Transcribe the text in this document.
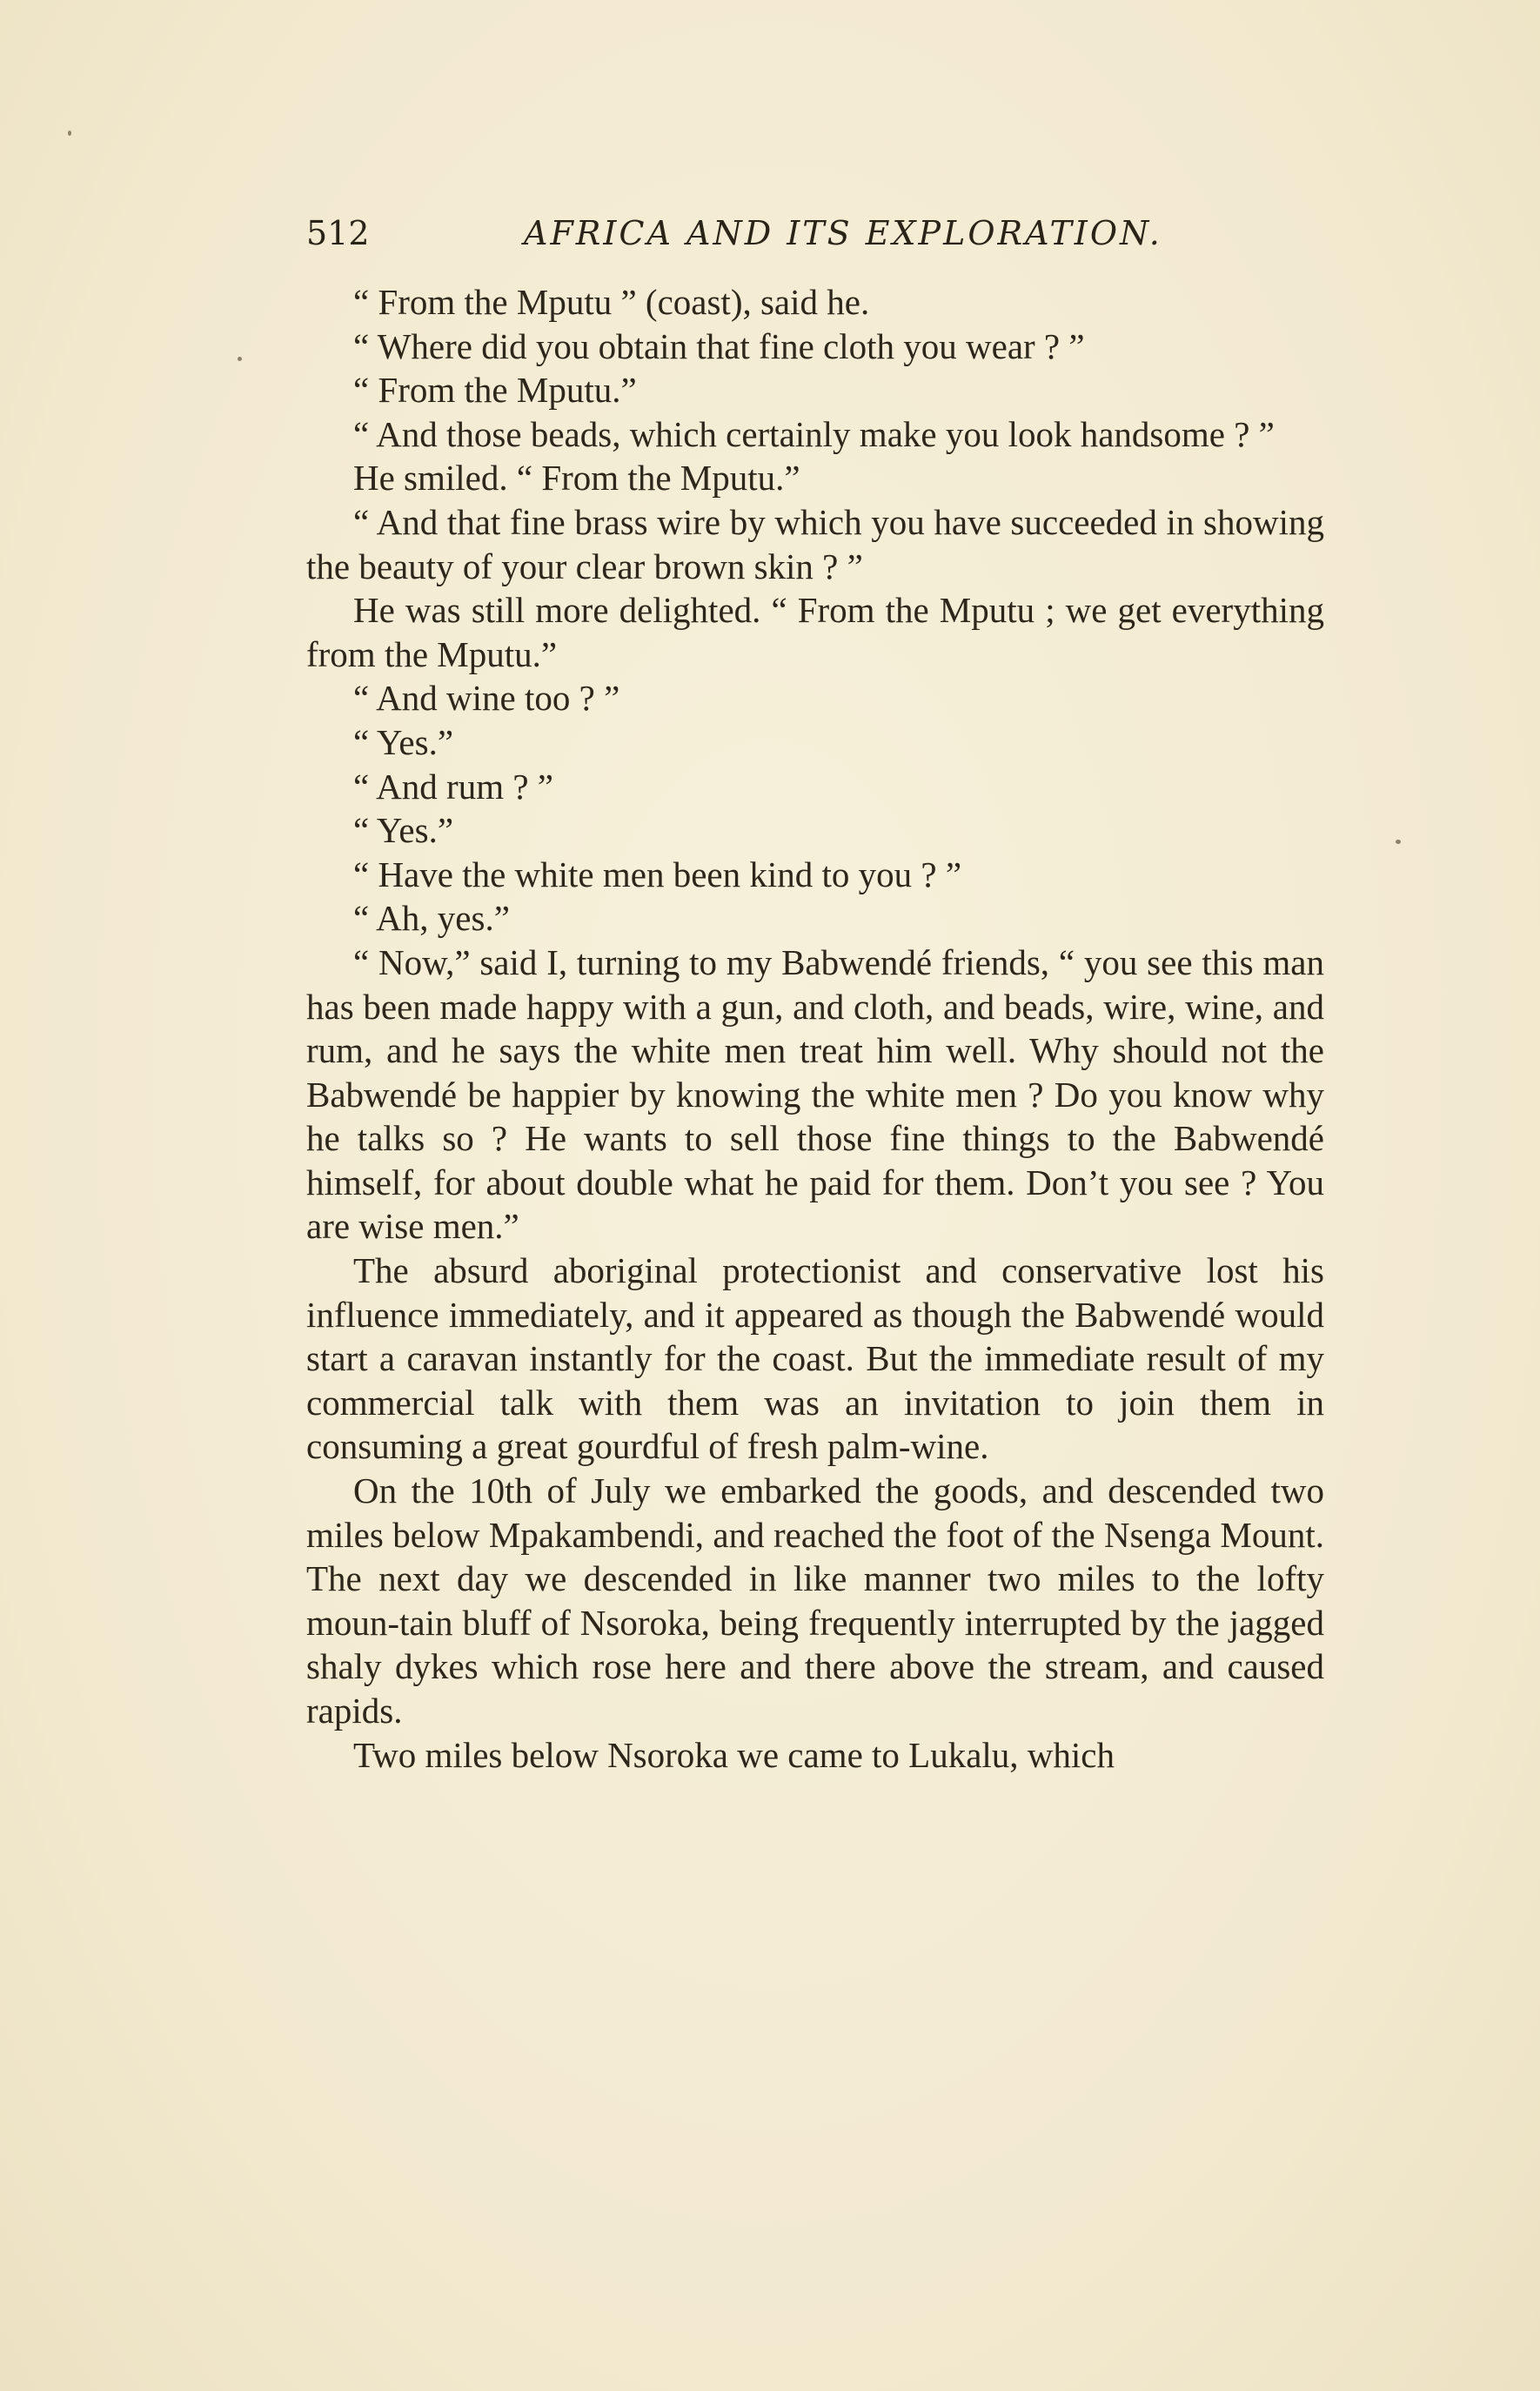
512	AFRICA AND ITS EXPLORATION.

“ From the Mputu ” (coast), said he.

“ Where did you obtain that fine cloth you wear ? ”

“ From the Mputu.”

“ And those beads, which certainly make you look handsome ? ”

He smiled. “ From the Mputu.”

“ And that fine brass wire by which you have succeeded in showing the beauty of your clear brown skin ? ”

He was still more delighted. “ From the Mputu ; we get everything from the Mputu.”

“ And wine too ? ”

“ Yes.”

“ And rum ? ”

“ Yes.”

“ Have the white men been kind to you ? ”

“ Ah, yes.”

“ Now,” said I, turning to my Babwendé friends, “ you see this man has been made happy with a gun, and cloth, and beads, wire, wine, and rum, and he says the white men treat him well. Why should not the Babwendé be happier by knowing the white men ? Do you know why he talks so ? He wants to sell those fine things to the Babwendé himself, for about double what he paid for them. Don’t you see ? You are wise men.”

The absurd aboriginal protectionist and conservative lost his influence immediately, and it appeared as though the Babwendé would start a caravan instantly for the coast. But the immediate result of my commercial talk with them was an invitation to join them in consuming a great gourdful of fresh palm-wine.

On the 10th of July we embarked the goods, and descended two miles below Mpakambendi, and reached the foot of the Nsenga Mount. The next day we descended in like manner two miles to the lofty moun-tain bluff of Nsoroka, being frequently interrupted by the jagged shaly dykes which rose here and there above the stream, and caused rapids.

Two miles below Nsoroka we came to Lukalu, which
